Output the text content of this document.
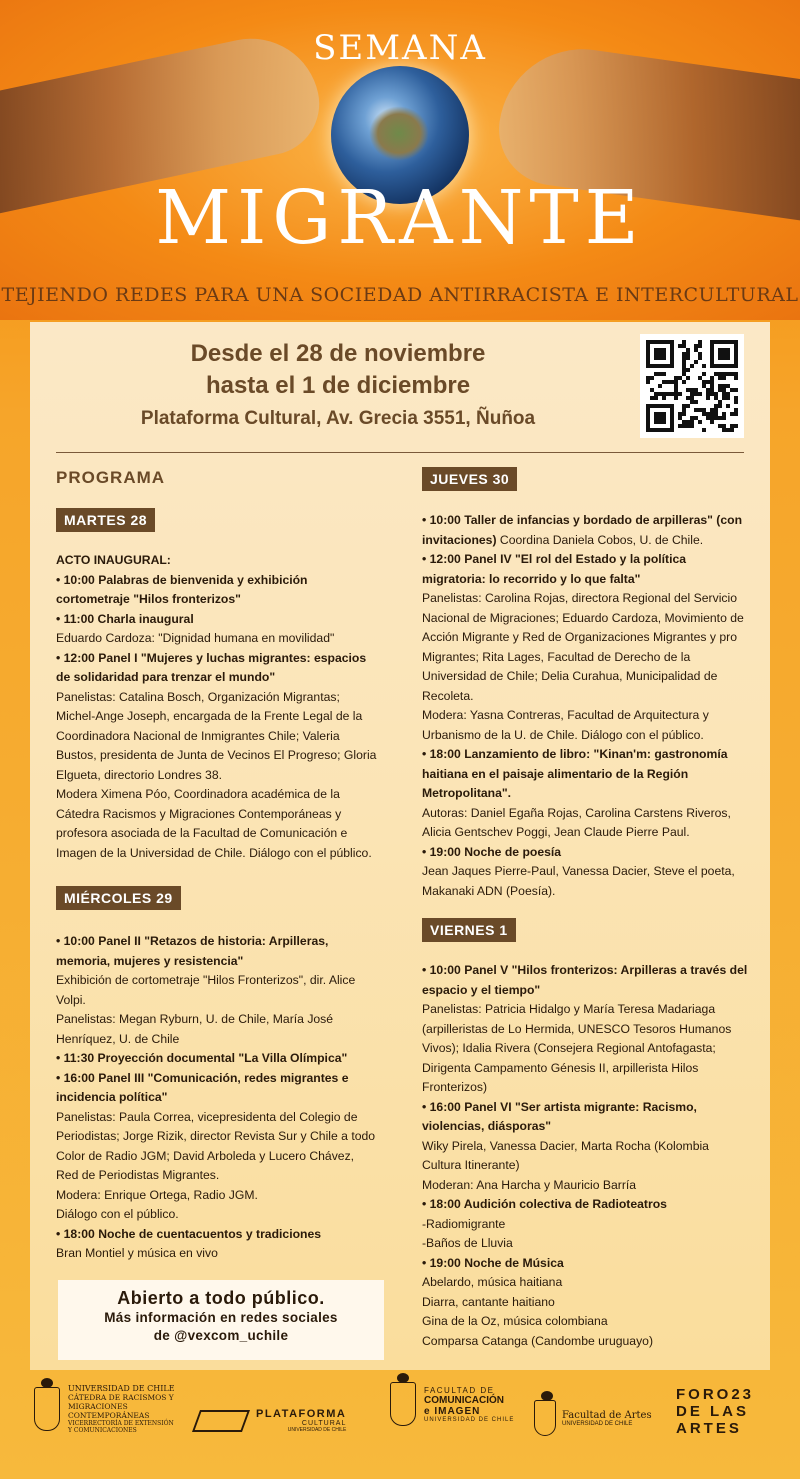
SEMANA
MIGRANTE
TEJIENDO REDES PARA UNA SOCIEDAD ANTIRRACISTA E INTERCULTURAL
Desde el 28 de noviembre
hasta el 1 de diciembre
Plataforma Cultural, Av. Grecia 3551, Ñuñoa
PROGRAMA
MARTES 28

ACTO INAUGURAL:

• 10:00 Palabras de bienvenida y exhibición cortometraje "Hilos fronterizos"

• 11:00 Charla inaugural

Eduardo Cardoza: "Dignidad humana en movilidad"

• 12:00 Panel I "Mujeres y luchas migrantes: espacios de solidaridad para trenzar el mundo"

Panelistas: Catalina Bosch, Organización Migrantas; Michel-Ange Joseph, encargada de la Frente Legal de la Coordinadora Nacional de Inmigrantes Chile; Valeria Bustos, presidenta de Junta de Vecinos El Progreso; Gloria Elgueta, directorio Londres 38.

Modera Ximena Póo, Coordinadora académica de la Cátedra Racismos y Migraciones Contemporáneas y profesora asociada de la Facultad de Comunicación e Imagen de la Universidad de Chile. Diálogo con el público.

MIÉRCOLES 29

• 10:00 Panel II "Retazos de historia: Arpilleras, memoria, mujeres y resistencia"

Exhibición de cortometraje "Hilos Fronterizos", dir. Alice Volpi.

Panelistas: Megan Ryburn, U. de Chile, María José Henríquez, U. de Chile

• 11:30 Proyección documental "La Villa Olímpica"

• 16:00 Panel III "Comunicación, redes migrantes e incidencia política"

Panelistas: Paula Correa, vicepresidenta del Colegio de Periodistas; Jorge Rizik, director Revista Sur y Chile a todo Color de Radio JGM; David Arboleda y Lucero Chávez, Red de Periodistas Migrantes.

Modera: Enrique Ortega, Radio JGM.

Diálogo con el público.

• 18:00 Noche de cuentacuentos y tradiciones

Bran Montiel y música en vivo

JUEVES 30

• 10:00 Taller de infancias y bordado de arpilleras" (con invitaciones) Coordina Daniela Cobos, U. de Chile.

• 12:00 Panel IV "El rol del Estado y la política migratoria: lo recorrido y lo que falta"

Panelistas: Carolina Rojas, directora Regional del Servicio Nacional de Migraciones; Eduardo Cardoza, Movimiento de Acción Migrante y Red de Organizaciones Migrantes y pro Migrantes; Rita Lages, Facultad de Derecho de la Universidad de Chile; Delia Curahua, Municipalidad de Recoleta.

Modera: Yasna Contreras, Facultad de Arquitectura y Urbanismo de la U. de Chile. Diálogo con el público.

• 18:00 Lanzamiento de libro: "Kinan'm: gastronomía haitiana en el paisaje alimentario de la Región Metropolitana".

Autoras: Daniel Egaña Rojas, Carolina Carstens Riveros, Alicia Gentschev Poggi, Jean Claude Pierre Paul.

• 19:00 Noche de poesía

Jean Jaques Pierre-Paul, Vanessa Dacier, Steve el poeta, Makanaki ADN (Poesía).

VIERNES 1

• 10:00 Panel V "Hilos fronterizos: Arpilleras a través del espacio y el tiempo"

Panelistas: Patricia Hidalgo y María Teresa Madariaga (arpilleristas de Lo Hermida, UNESCO Tesoros Humanos Vivos); Idalia Rivera (Consejera Regional Antofagasta; Dirigenta Campamento Génesis II, arpillerista Hilos Fronterizos)

• 16:00 Panel VI "Ser artista migrante: Racismo, violencias, diásporas"

Wiky Pirela, Vanessa Dacier, Marta Rocha (Kolombia Cultura Itinerante)

Moderan: Ana Harcha y Mauricio Barría

• 18:00 Audición colectiva de Radioteatros

-Radiomigrante

-Baños de Lluvia

• 19:00 Noche de Música

Abelardo, música haitiana

Diarra, cantante haitiano

Gina de la Oz, música colombiana

Comparsa Catanga (Candombe uruguayo)

Abierto a todo público.
Más información en redes sociales
de @vexcom_uchile
UNIVERSIDAD DE CHILE
CÁTEDRA DE RACISMOS Y MIGRACIONES CONTEMPORÁNEAS
VICERRECTORÍA DE EXTENSIÓN Y COMUNICACIONES
PLATAFORMA
CULTURAL
UNIVERSIDAD DE CHILE
FACULTAD DE
COMUNICACIÓN
e IMAGEN
UNIVERSIDAD DE CHILE	Facultad de Artes
UNIVERSIDAD DE CHILE
FORO23
DE LAS
ARTES
